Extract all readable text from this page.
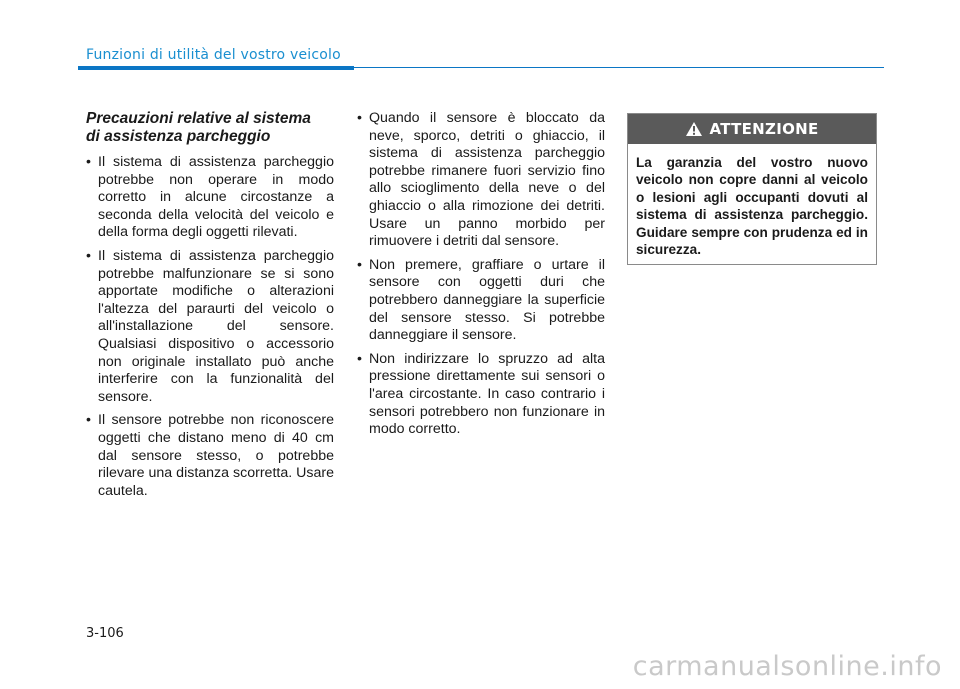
Funzioni di utilità del vostro veicolo
Precauzioni relative al sistema
di assistenza parcheggio
• Il sistema di assistenza parcheggio potrebbe non operare in modo corretto in alcune circostanze a seconda della velocità del veicolo e della forma degli oggetti rilevati.
• Il sistema di assistenza parcheggio potrebbe malfunzionare se si sono apportate modifiche o alterazioni l'altezza del paraurti del veicolo o all'installazione del sensore. Qualsiasi dispositivo o accessorio non originale installato può anche interferire con la funzionalità del sensore.
• Il sensore potrebbe non riconoscere oggetti che distano meno di 40 cm dal sensore stesso, o potrebbe rilevare una distanza scorretta. Usare cautela.
• Quando il sensore è bloccato da neve, sporco, detriti o ghiaccio, il sistema di assistenza parcheggio potrebbe rimanere fuori servizio fino allo scioglimento della neve o del ghiaccio o alla rimozione dei detriti. Usare un panno morbido per rimuovere i detriti dal sensore.
• Non premere, graffiare o urtare il sensore con oggetti duri che potrebbero danneggiare la superficie del sensore stesso. Si potrebbe danneggiare il sensore.
• Non indirizzare lo spruzzo ad alta pressione direttamente sui sensori o l'area circostante. In caso contrario i sensori potrebbero non funzionare in modo corretto.
ATTENZIONE
La garanzia del vostro nuovo veicolo non copre danni al veicolo o lesioni agli occupanti dovuti al sistema di assistenza parcheggio. Guidare sempre con prudenza ed in sicurezza.
3-106
carmanualsonline.info
